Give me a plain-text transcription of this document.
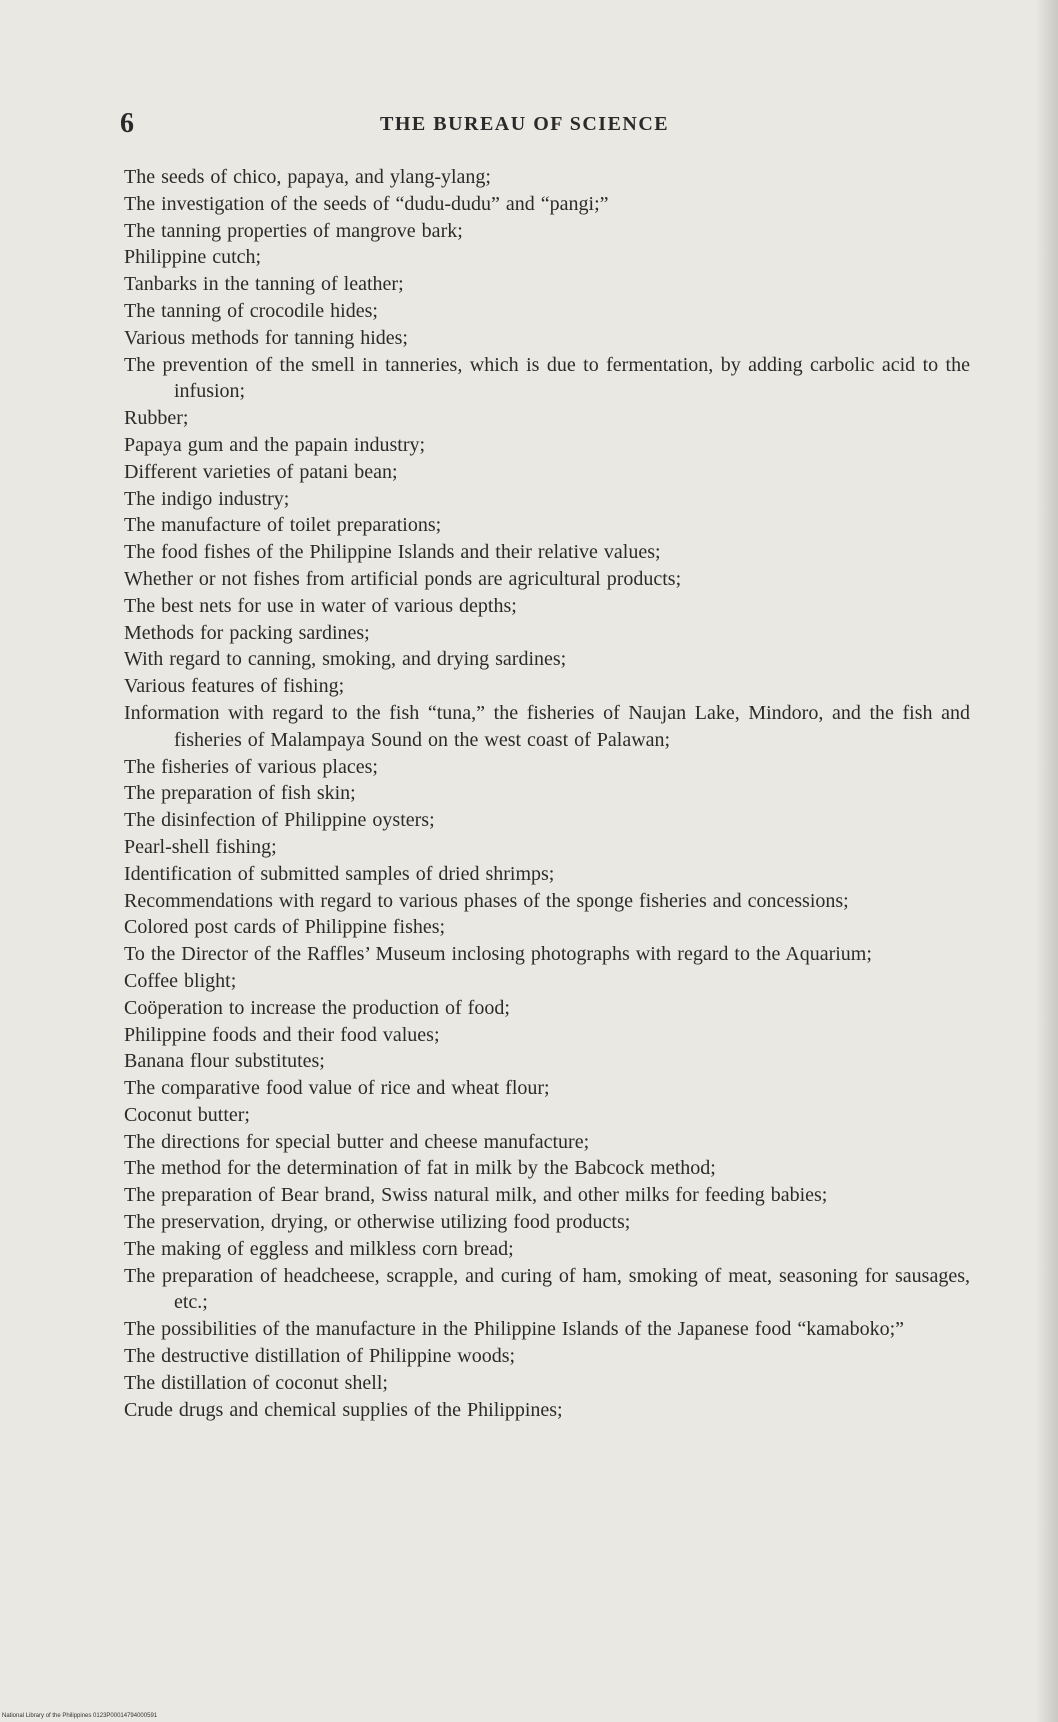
6	THE BUREAU OF SCIENCE
The seeds of chico, papaya, and ylang-ylang;
The investigation of the seeds of “dudu-dudu” and “pangi;”
The tanning properties of mangrove bark;
Philippine cutch;
Tanbarks in the tanning of leather;
The tanning of crocodile hides;
Various methods for tanning hides;
The prevention of the smell in tanneries, which is due to fermentation, by adding carbolic acid to the infusion;
Rubber;
Papaya gum and the papain industry;
Different varieties of patani bean;
The indigo industry;
The manufacture of toilet preparations;
The food fishes of the Philippine Islands and their relative values;
Whether or not fishes from artificial ponds are agricultural products;
The best nets for use in water of various depths;
Methods for packing sardines;
With regard to canning, smoking, and drying sardines;
Various features of fishing;
Information with regard to the fish “tuna,” the fisheries of Naujan Lake, Mindoro, and the fish and fisheries of Malampaya Sound on the west coast of Palawan;
The fisheries of various places;
The preparation of fish skin;
The disinfection of Philippine oysters;
Pearl-shell fishing;
Identification of submitted samples of dried shrimps;
Recommendations with regard to various phases of the sponge fisheries and concessions;
Colored post cards of Philippine fishes;
To the Director of the Raffles’ Museum inclosing photographs with regard to the Aquarium;
Coffee blight;
Coöperation to increase the production of food;
Philippine foods and their food values;
Banana flour substitutes;
The comparative food value of rice and wheat flour;
Coconut butter;
The directions for special butter and cheese manufacture;
The method for the determination of fat in milk by the Babcock method;
The preparation of Bear brand, Swiss natural milk, and other milks for feeding babies;
The preservation, drying, or otherwise utilizing food products;
The making of eggless and milkless corn bread;
The preparation of headcheese, scrapple, and curing of ham, smoking of meat, seasoning for sausages, etc.;
The possibilities of the manufacture in the Philippine Islands of the Japanese food “kamaboko;”
The destructive distillation of Philippine woods;
The distillation of coconut shell;
Crude drugs and chemical supplies of the Philippines;
National Library of the Philippines 0123P00014794000591
